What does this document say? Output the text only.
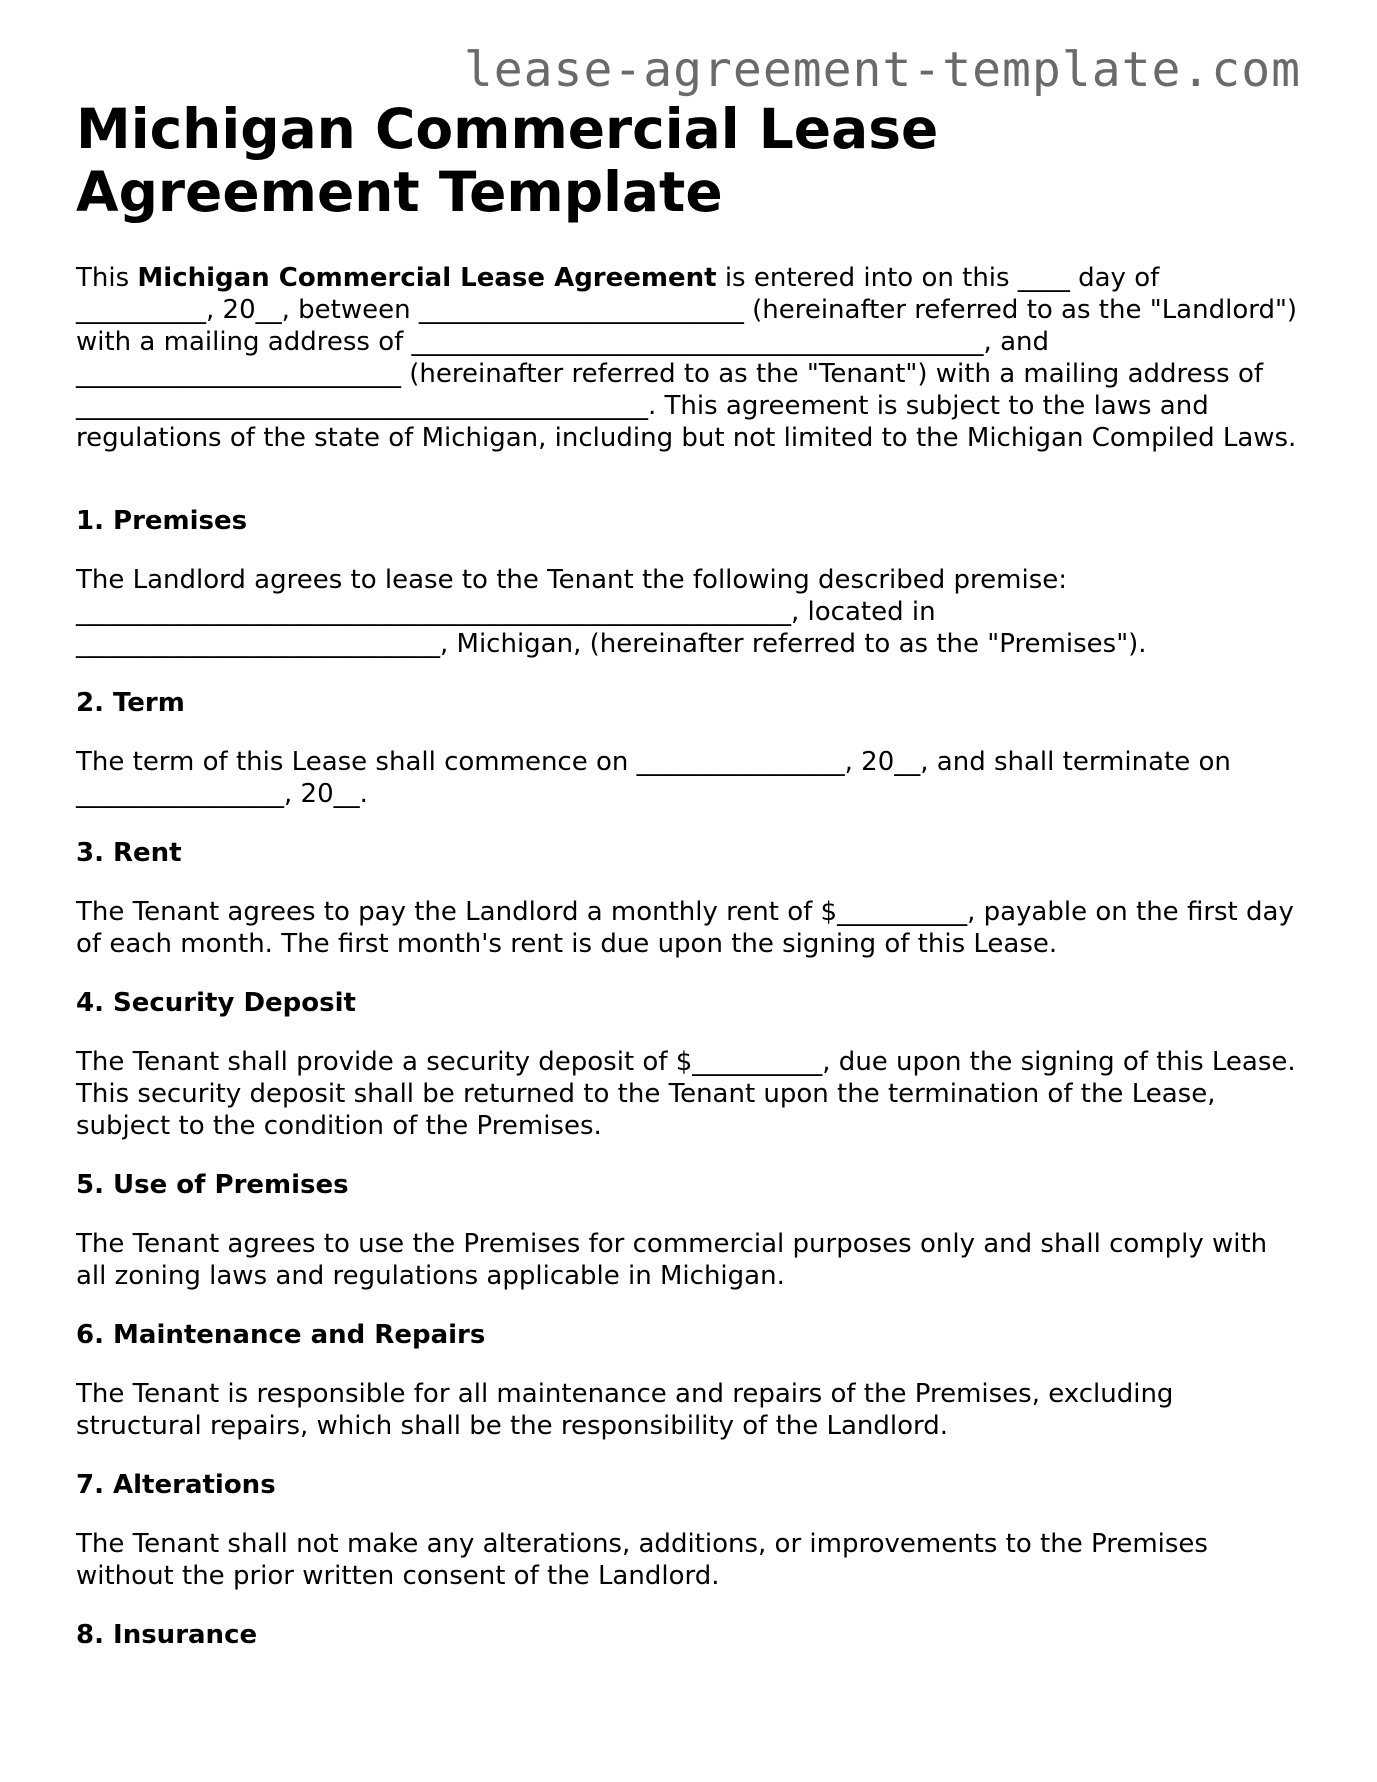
lease-agreement-template.com
Michigan Commercial Lease Agreement Template

This Michigan Commercial Lease Agreement is entered into on this ____ day of __________, 20__, between _________________________ (hereinafter referred to as the "Landlord") with a mailing address of ____________________________________________, and _________________________ (hereinafter referred to as the "Tenant") with a mailing address of ____________________________________________. This agreement is subject to the laws and regulations of the state of Michigan, including but not limited to the Michigan Compiled Laws.

1. Premises

The Landlord agrees to lease to the Tenant the following described premise: _______________________________________________________, located in ____________________________, Michigan, (hereinafter referred to as the "Premises").

2. Term

The term of this Lease shall commence on ________________, 20__, and shall terminate on ________________, 20__.

3. Rent

The Tenant agrees to pay the Landlord a monthly rent of $__________, payable on the first day of each month. The first month's rent is due upon the signing of this Lease.

4. Security Deposit

The Tenant shall provide a security deposit of $__________, due upon the signing of this Lease. This security deposit shall be returned to the Tenant upon the termination of the Lease, subject to the condition of the Premises.

5. Use of Premises

The Tenant agrees to use the Premises for commercial purposes only and shall comply with all zoning laws and regulations applicable in Michigan.

6. Maintenance and Repairs

The Tenant is responsible for all maintenance and repairs of the Premises, excluding structural repairs, which shall be the responsibility of the Landlord.

7. Alterations

The Tenant shall not make any alterations, additions, or improvements to the Premises without the prior written consent of the Landlord.

8. Insurance
